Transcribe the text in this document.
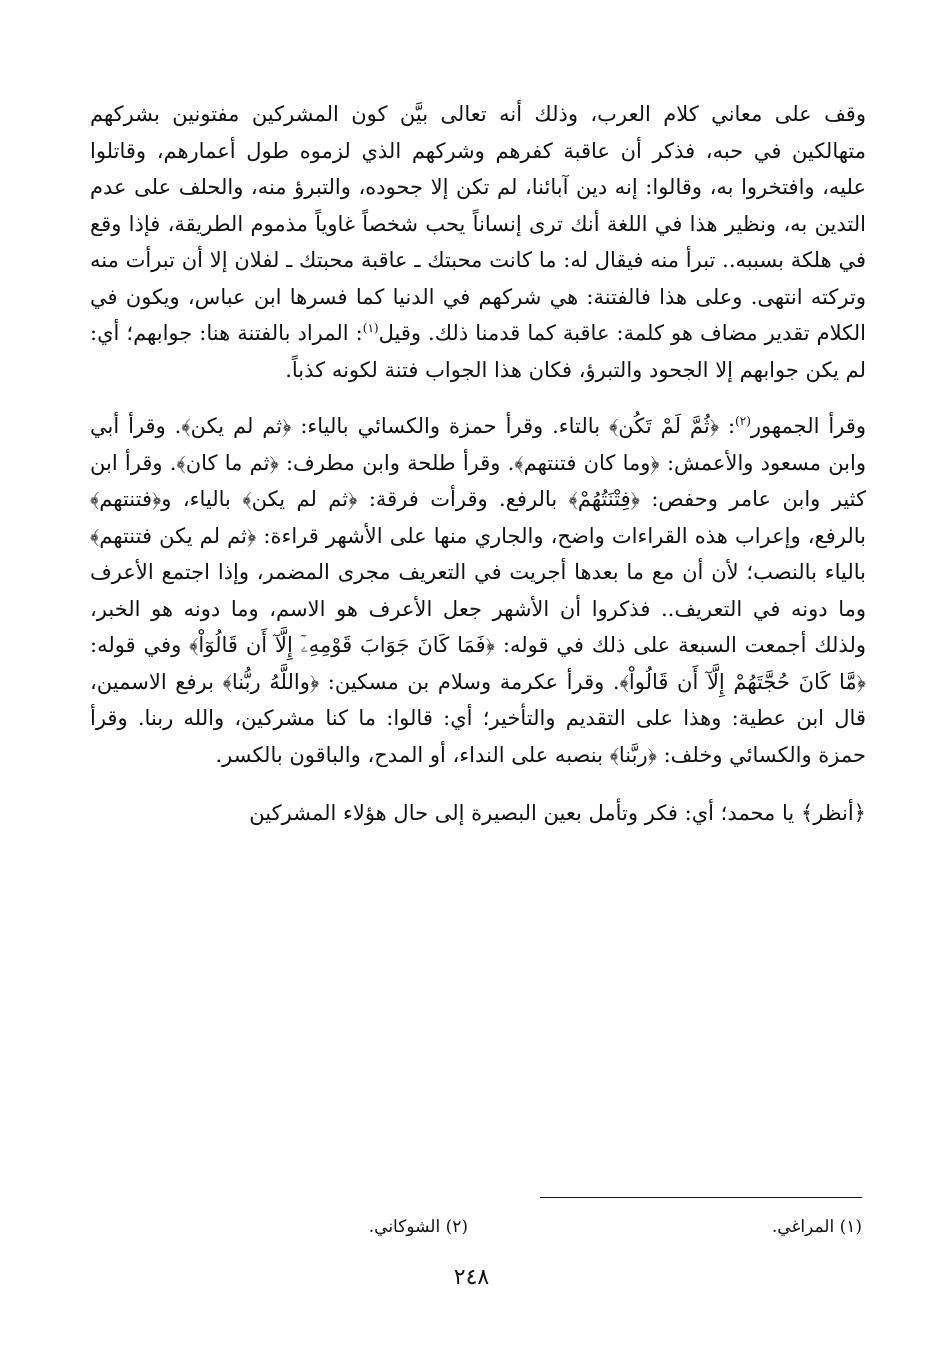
وقف على معاني كلام العرب، وذلك أنه تعالى بيَّن كون المشركين مفتونين بشركهم متهالكين في حبه، فذكر أن عاقبة كفرهم وشركهم الذي لزموه طول أعمارهم، وقاتلوا عليه، وافتخروا به، وقالوا: إنه دين آبائنا، لم تكن إلا جحوده، والتبرؤ منه، والحلف على عدم التدين به، ونظير هذا في اللغة أنك ترى إنساناً يحب شخصاً غاوياً مذموم الطريقة، فإذا وقع في هلكة بسببه.. تبرأ منه فيقال له: ما كانت محبتك ـ عاقبة محبتك ـ لفلان إلا أن تبرأت منه وتركته انتهى. وعلى هذا فالفتنة: هي شركهم في الدنيا كما فسرها ابن عباس، ويكون في الكلام تقدير مضاف هو كلمة: عاقبة كما قدمنا ذلك. وقيل$^{(١)}$: المراد بالفتنة هنا: جوابهم؛ أي: لم يكن جوابهم إلا الجحود والتبرؤ، فكان هذا الجواب فتنة لكونه كذباً.

وقرأ الجمهور$^{(٢)}$: ﴿ثُمَّ لَمْ تَكُن﴾ بالتاء. وقرأ حمزة والكسائي بالياء: ﴿ثم لم يكن﴾. وقرأ أبي وابن مسعود والأعمش: ﴿وما كان فتنتهم﴾. وقرأ طلحة وابن مطرف: ﴿ثم ما كان﴾. وقرأ ابن كثير وابن عامر وحفص: ﴿فِتْنَتُهُمْ﴾ بالرفع. وقرأت فرقة: ﴿ثم لم يكن﴾ بالياء، و﴿فتنتهم﴾ بالرفع، وإعراب هذه القراءات واضح، والجاري منها على الأشهر قراءة: ﴿ثم لم يكن فتنتهم﴾ بالياء بالنصب؛ لأن أن مع ما بعدها أجريت في التعريف مجرى المضمر، وإذا اجتمع الأعرف وما دونه في التعريف.. فذكروا أن الأشهر جعل الأعرف هو الاسم، وما دونه هو الخبر، ولذلك أجمعت السبعة على ذلك في قوله: ﴿فَمَا كَانَ جَوَابَ قَوْمِهِۦٓ إِلَّآ أَن قَالُوٓاْ﴾ وفي قوله: ﴿مَّا كَانَ حُجَّتَهُمْ إِلَّآ أَن قَالُواْ﴾. وقرأ عكرمة وسلام بن مسكين: ﴿واللَّهُ ربُّنا﴾ برفع الاسمين، قال ابن عطية: وهذا على التقديم والتأخير؛ أي: قالوا: ما كنا مشركين، والله ربنا. وقرأ حمزة والكسائي وخلف: ﴿ربَّنا﴾ بنصبه على النداء، أو المدح، والباقون بالكسر.

﴿أنظر﴾ يا محمد؛ أي: فكر وتأمل بعين البصيرة إلى حال هؤلاء المشركين

(١) المراغي.
(٢) الشوكاني.
٢٤٨
